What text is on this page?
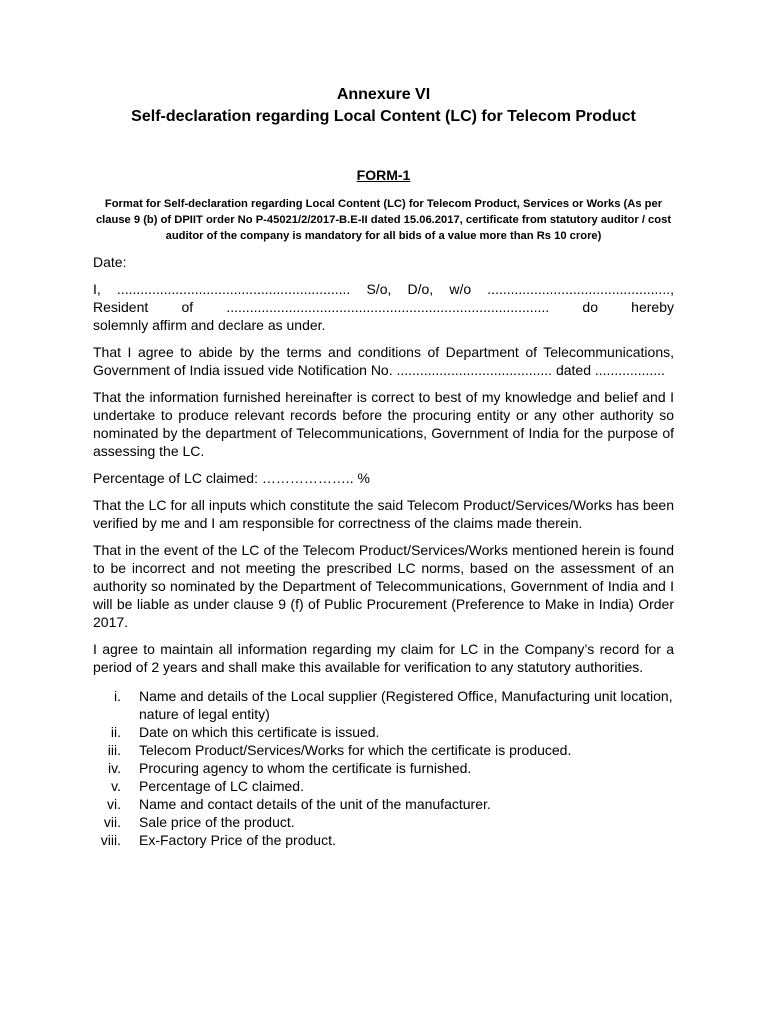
Annexure VI
Self-declaration regarding Local Content (LC) for Telecom Product
FORM-1
Format for Self-declaration regarding Local Content (LC) for Telecom Product, Services or Works (As per clause 9 (b) of DPIIT order No P-45021/2/2017-B.E-II dated 15.06.2017, certificate from statutory auditor / cost auditor of the company is mandatory for all bids of a value more than Rs 10 crore)

Date:

I, ............................................................ S/o, D/o, w/o ...............................................,
Resident of ................................................................................... do hereby
solemnly affirm and declare as under.

That I agree to abide by the terms and conditions of Department of Telecommunications, Government of India issued vide Notification No. ........................................ dated ..................

That the information furnished hereinafter is correct to best of my knowledge and belief and I undertake to produce relevant records before the procuring entity or any other authority so nominated by the department of Telecommunications, Government of India for the purpose of assessing the LC.

Percentage of LC claimed: ……………….. %

That the LC for all inputs which constitute the said Telecom Product/Services/Works has been verified by me and I am responsible for correctness of the claims made therein.

That in the event of the LC of the Telecom Product/Services/Works mentioned herein is found to be incorrect and not meeting the prescribed LC norms, based on the assessment of an authority so nominated by the Department of Telecommunications, Government of India and I will be liable as under clause 9 (f) of Public Procurement (Preference to Make in India) Order 2017.

I agree to maintain all information regarding my claim for LC in the Company’s record for a period of 2 years and shall make this available for verification to any statutory authorities.

i. Name and details of the Local supplier (Registered Office, Manufacturing unit location, nature of legal entity)
ii. Date on which this certificate is issued.
iii. Telecom Product/Services/Works for which the certificate is produced.
iv. Procuring agency to whom the certificate is furnished.
v. Percentage of LC claimed.
vi. Name and contact details of the unit of the manufacturer.
vii. Sale price of the product.
viii. Ex-Factory Price of the product.
